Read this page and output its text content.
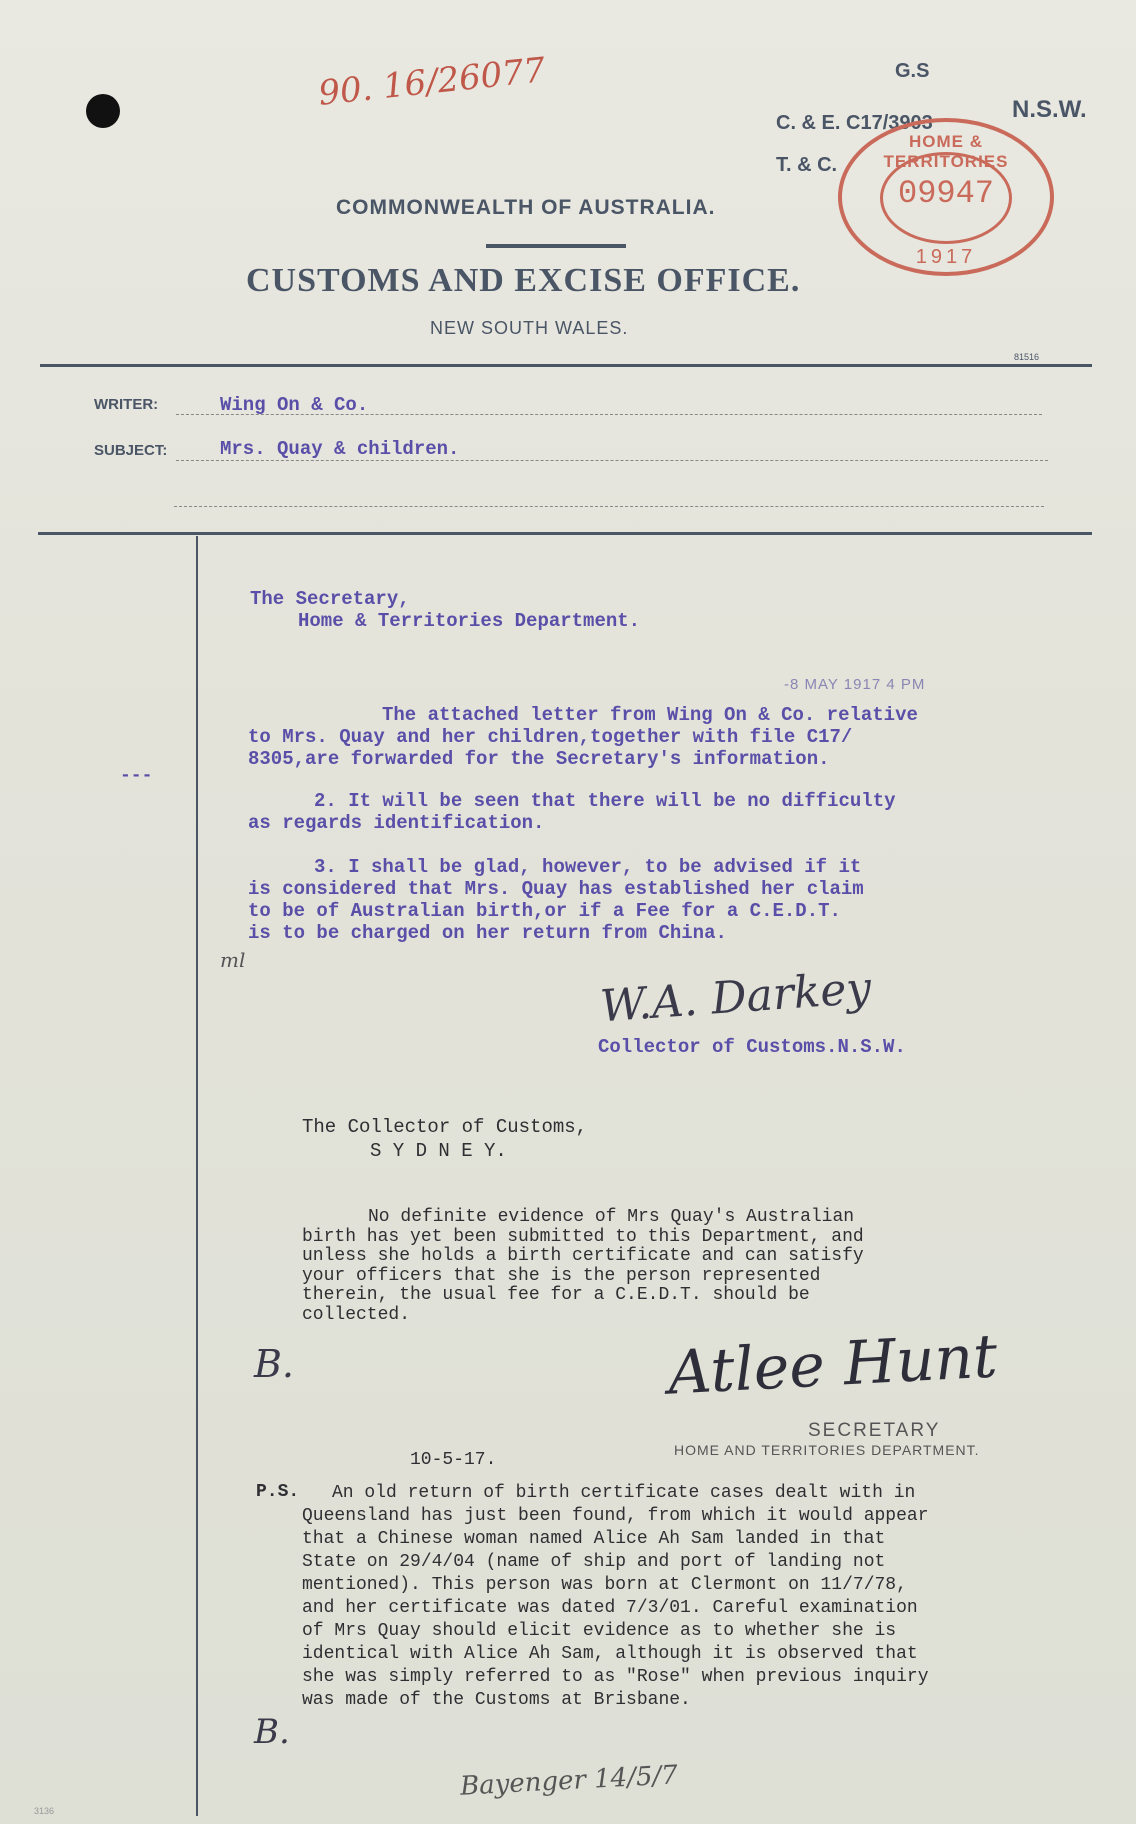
90. 16/26077	G.S
N.S.W.
C. & E. C17/3903
T. & C.
HOME & TERRITORIES
09947
1917
COMMONWEALTH OF AUSTRALIA.
CUSTOMS AND EXCISE OFFICE.
NEW SOUTH WALES.
81516
WRITER:	Wing On & Co.
SUBJECT:	Mrs. Quay & children.
---
ml
3136
The Secretary,
Home & Territories Department.
-8 MAY 1917 4 PM
The attached letter from Wing On & Co. relative
to Mrs. Quay and her children,together with file C17/
8305,are forwarded for the Secretary's information.
2. It will be seen that there will be no difficulty
as regards identification.
3. I shall be glad, however, to be advised if it
is considered that Mrs. Quay has established her claim
to be of Australian birth,or if a Fee for a C.E.D.T.
is to be charged on her return from China.
W.A. Darkey
Collector of Customs.N.S.W.
The Collector of Customs,
S Y D N E Y.
No definite evidence of Mrs Quay's Australian
birth has yet been submitted to this Department, and
unless she holds a birth certificate and can satisfy
your officers that she is the person represented
therein, the usual fee for a C.E.D.T. should be
collected.
B.	Atlee Hunt
SECRETARY
HOME AND TERRITORIES DEPARTMENT.
10-5-17.
P.S. An old return of birth certificate cases dealt with in
Queensland has just been found, from which it would appear
that a Chinese woman named Alice Ah Sam landed in that
State on 29/4/04 (name of ship and port of landing not
mentioned). This person was born at Clermont on 11/7/78,
and her certificate was dated 7/3/01. Careful examination
of Mrs Quay should elicit evidence as to whether she is
identical with Alice Ah Sam, although it is observed that
she was simply referred to as "Rose" when previous inquiry
was made of the Customs at Brisbane.
B.
Bayenger 14/5/7
